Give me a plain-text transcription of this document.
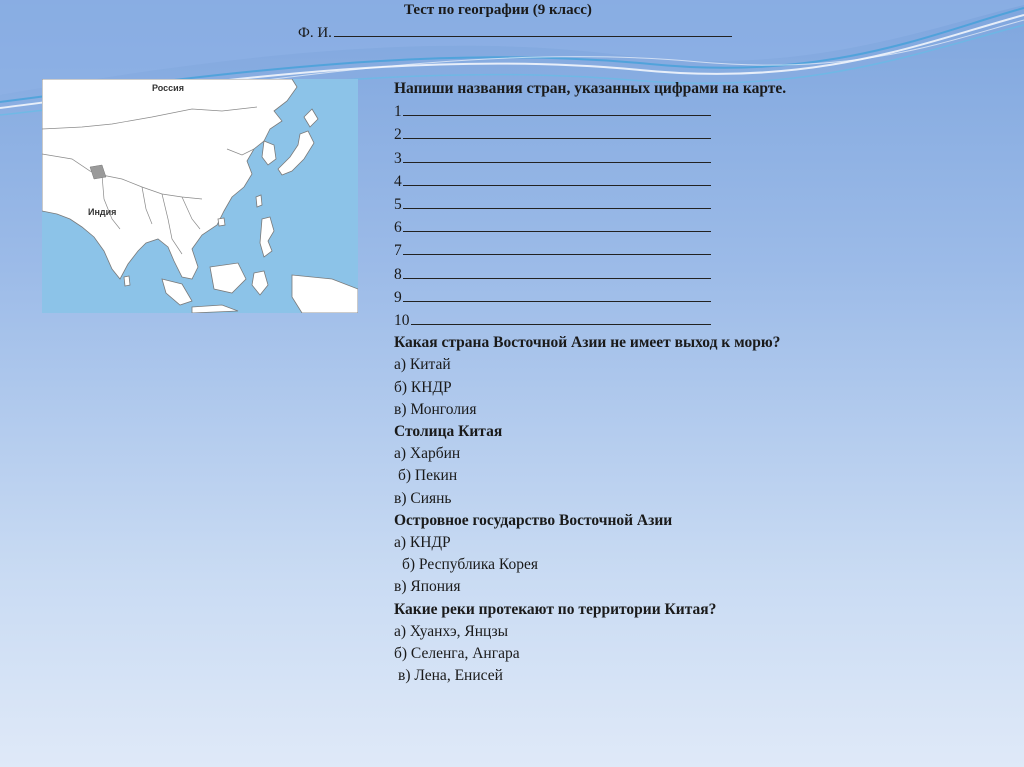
Тест по географии (9 класс)
Ф. И.
Россия
Индия
Напиши названия стран, указанных цифрами на карте.
1
2
3
4
5
6
7
8
9
10
Какая страна Восточной Азии не имеет выход к морю?
а) Китай
б) КНДР
в) Монголия
Столица Китая
а) Харбин
б) Пекин
в) Сиянь
Островное государство Восточной Азии
а) КНДР
б) Республика Корея
в) Япония
Какие реки протекают по территории Китая?
а) Хуанхэ, Янцзы
б) Селенга, Ангара
в) Лена, Енисей
